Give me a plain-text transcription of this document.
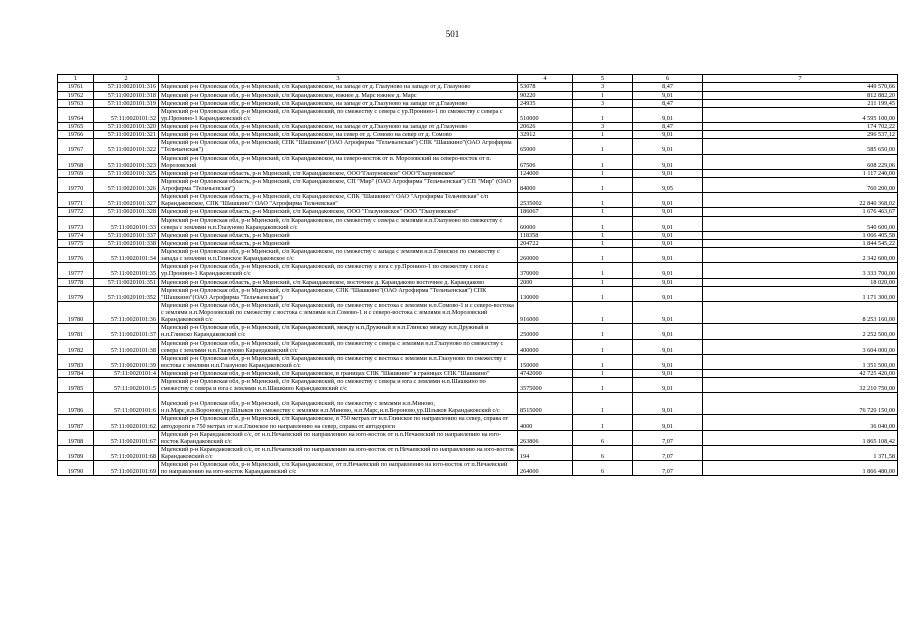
501
1	2	3	4	5	6	7
19761	57:11:0020101:316	Мценский р-н Орловская обл, р-н Мценский, с/п Карандаковское, на западе от д. Глазуново на западе от д. Глазуново	53078	3	8,47	449 570,66
19762	57:11:0020101:318	Мценский р-н Орловская обл, р-н Мценский, с/п Карандаковское, южнее д. Марс южнее д. Марс	90220	1	9,01	812 882,20
19763	57:11:0020101:319	Мценский р-н Орловская обл, р-н Мценский, с/п Карандаковское, на западе от д.Глазуново на западе от д.Глазуново	24935	3	8,47	211 199,45
19764	57:11:0020101:32	Мценский р-н Орловская обл, р-н Мценский, с/п Карандаковский, по смежеству с севера с ур.Пронино-1 по смежеству с севера с ур.Пронино-1 Карандаковский с/с	510000	1	9,01	4 595 100,00
19765	57:11:0020101:320	Мценский р-н Орловская обл, р-н Мценский, с/п Карандаковское, на западе от д.Глазуново на западе от д.Глазуново	20626	3	8,47	174 702,22
19766	57:11:0020101:321	Мценский р-н Орловская обл, р-н Мценский, с/п Карандаковское, на север от д. Сомово на север от д. Сомово	32912	1	9,01	296 537,12
19767	57:11:0020101:322	Мценский р-н Орловская обл, р-н Мценский, СПК "Шашкино"(ОАО Агрофирма "Тельчьенская") СПК "Шашкино"(ОАО Агрофирма "Тельчьенская")	65000	1	9,01	585 650,00
19768	57:11:0020101:323	Мценский р-н Орловская обл, р-н Мценский, с/п Карандаковское, на северо-восток от п. Морозовский на северо-восток от п. Морозовский	67506	1	9,01	608 229,06
19769	57:11:0020101:325	Мценский р-н Орловская область, р-н Мценский, с/п Карандаковское, ООО"Глазуновское" ООО"Глазуновское"	124000	1	9,01	1 117 240,00
19770	57:11:0020101:326	Мценский р-н Орловская область, р-н Мценский, с/п Карандаковское, СП "Мир" (ОАО Агрофирма "Тельчьенская") СП "Мир" (ОАО Агрофирма "Тельчьенская")	84000	1	9,05	760 200,00
19771	57:11:0020101:327	Мценский р-н Орловская область, р-н Мценский, с/п Карандаковское, СПК "Шашкино"/ ОАО "Агрофирма Тельчевская" с/п Карандаковское, СПК "Шашкино"/ ОАО "Агрофирма Тельчевская"	2535002	1	9,01	22 840 368,02
19772	57:11:0020101:328	Мценский р-н Орловская область, р-н Мценский, с/п Карандаковское, ООО "Глазуновское" ООО "Глазуновское"	186067	1	9,01	1 676 463,67
19773	57:11:0020101:33	Мценский р-н Орловская обл, р-н Мценский, с/п Карандаковское, по смежеству с севера с землями н.п.Глазуново по смежеству с севера с землями н.п.Глазуново Карандаковский с/с	60000	1	9,01	540 600,00
19774	57:11:0020101:337	Мценский р-н Орловская область, р-н Мценский	118358	1	9,01	1 066 405,58
19775	57:11:0020101:338	Мценский р-н Орловская область, р-н Мценский	204722	1	9,01	1 844 545,22
19776	57:11:0020101:34	Мценский р-н Орловская обл, р-н Мценский, с/п Карандаковское, по смежеству с запада с землями н.п.Глинское по смежеству с запада с землями н.п.Глинское Карандаковское с/с	260000	1	9,01	2 342 600,00
19777	57:11:0020101:35	Мценский р-н Орловская обл, р-н Мценский, с/п Карандаковский, по смежеству с юга с ур.Пронино-1 по смежеству с юга с ур.Пронино-1 Карандаковский с/с	370000	1	9,01	3 333 700,00
19778	57:11:0020101:351	Мценский р-н Орловская область, р-н Мценский, с/п Карандаковское, восточнее д. Карандаково восточнее д. Карандаково	2000	1	9,01	18 020,00
19779	57:11:0020101:352	Мценский р-н Орловская обл, р-н Мценский, с/п Карандаковское, СПК "Шашкино"(ОАО Агрофирма "Тельчьенская") СПК "Шашкино"(ОАО Агрофирма "Тельчьенская")	130000	1	9,01	1 171 300,00
19780	57:11:0020101:36	Мценский р-н Орловская обл, р-н Мценский, с/п Карандаковский, по смежеству с востока с землями н.п.Сомово-1 и с северо-востока с землями н.п.Морозовский по смежеству с востока с землями н.п.Сомово-1 и с северо-востока с землями н.п.Морозовский Карандаковский с/с	916000	1	9,01	8 253 160,00
19781	57:11:0020101:37	Мценский р-н Орловская обл, р-н Мценский, с/п Карандаковский, между н.п.Дружный и н.п.Глинско между н.п.Дружный и н.п.Глинско Карандаковский с/с	250000	1	9,01	2 252 500,00
19782	57:11:0020101:38	Мценский р-н Орловская обл, р-н Мценский, с/п Карандаковский, по смежеству с севера с землями н.п.Глазуново по смежеству с севера с землями н.п.Глазуново Карандаковский с/с	400000	1	9,01	3 604 000,00
19783	57:11:0020101:39	Мценский р-н Орловская обл, р-н Мценский, с/п Карандаковский, по смежеству с востока с землями н.п.Глазуново по смежеству с востока с землями н.п.Глазуново Карандаковский с/с	150000	1	9,01	1 351 500,00
19784	57:11:0020101:4	Мценский р-н Орловская обл, р-н Мценский, с/п Карандаковское, в границах СПК "Шашкино" в границах СПК "Шашкино"	4742000	1	9,01	42 725 420,00
19785	57:11:0020101:5	Мценский р-н Орловская обл, р-н Мценский, с/п Карандаковский, по смежеству с севера и юга с землями н.п.Шашкино по смежеству с севера и юга с землями н.п.Шашкино Карандаковский с/с	3575000	1	9,01	32 210 750,00
19786	57:11:0020101:6	Мценский р-н Орловская обл, р-н Мценский, с/п Карандаковский, по смежеству с землями н.п.Миново, н.п.Марс,н.п.Вороново,ур.Шлыков по смежеству с землями н.п.Миново, н.п.Марс,н.п.Вороново,ур.Шлыков Карандаковский с/с	8515000	1	9,01	76 720 150,00
19787	57:11:0020101:62	Мценский р-н Орловская обл, р-н Мценский, с/п Карандаковское, в 750 метрах от н.п.Глинское по направлению на север, справа от автодороги в 750 метрах от н.п.Глинское по направлению на север, справа от автодороги	4000	1	9,01	36 040,00
19788	57:11:0020101:67	Мценский р-н Карандаковский с/с, от н.п.Нечаевский по направлению на юго-восток от н.п.Нечаевский по направлению на юго-восток Карандаковский с/с	263806	6	7,07	1 865 108,42
19789	57:11:0020101:68	Мценский р-н Карандаковский с/с, от н.п.Нечаевский по направлению на юго-восток от п.Нечаевский по направлению на юго-восток Карандаковский с/с	194	6	7,07	1 371,58
19790	57:11:0020101:69	Мценский р-н Орловская обл, р-н Мценский, с/п Карандаковское, от п.Нечаевский по направлению на юго-восток от п.Нечаевский по направлению на юго-восток Карандаковский с/с	264000	6	7,07	1 866 480,00
